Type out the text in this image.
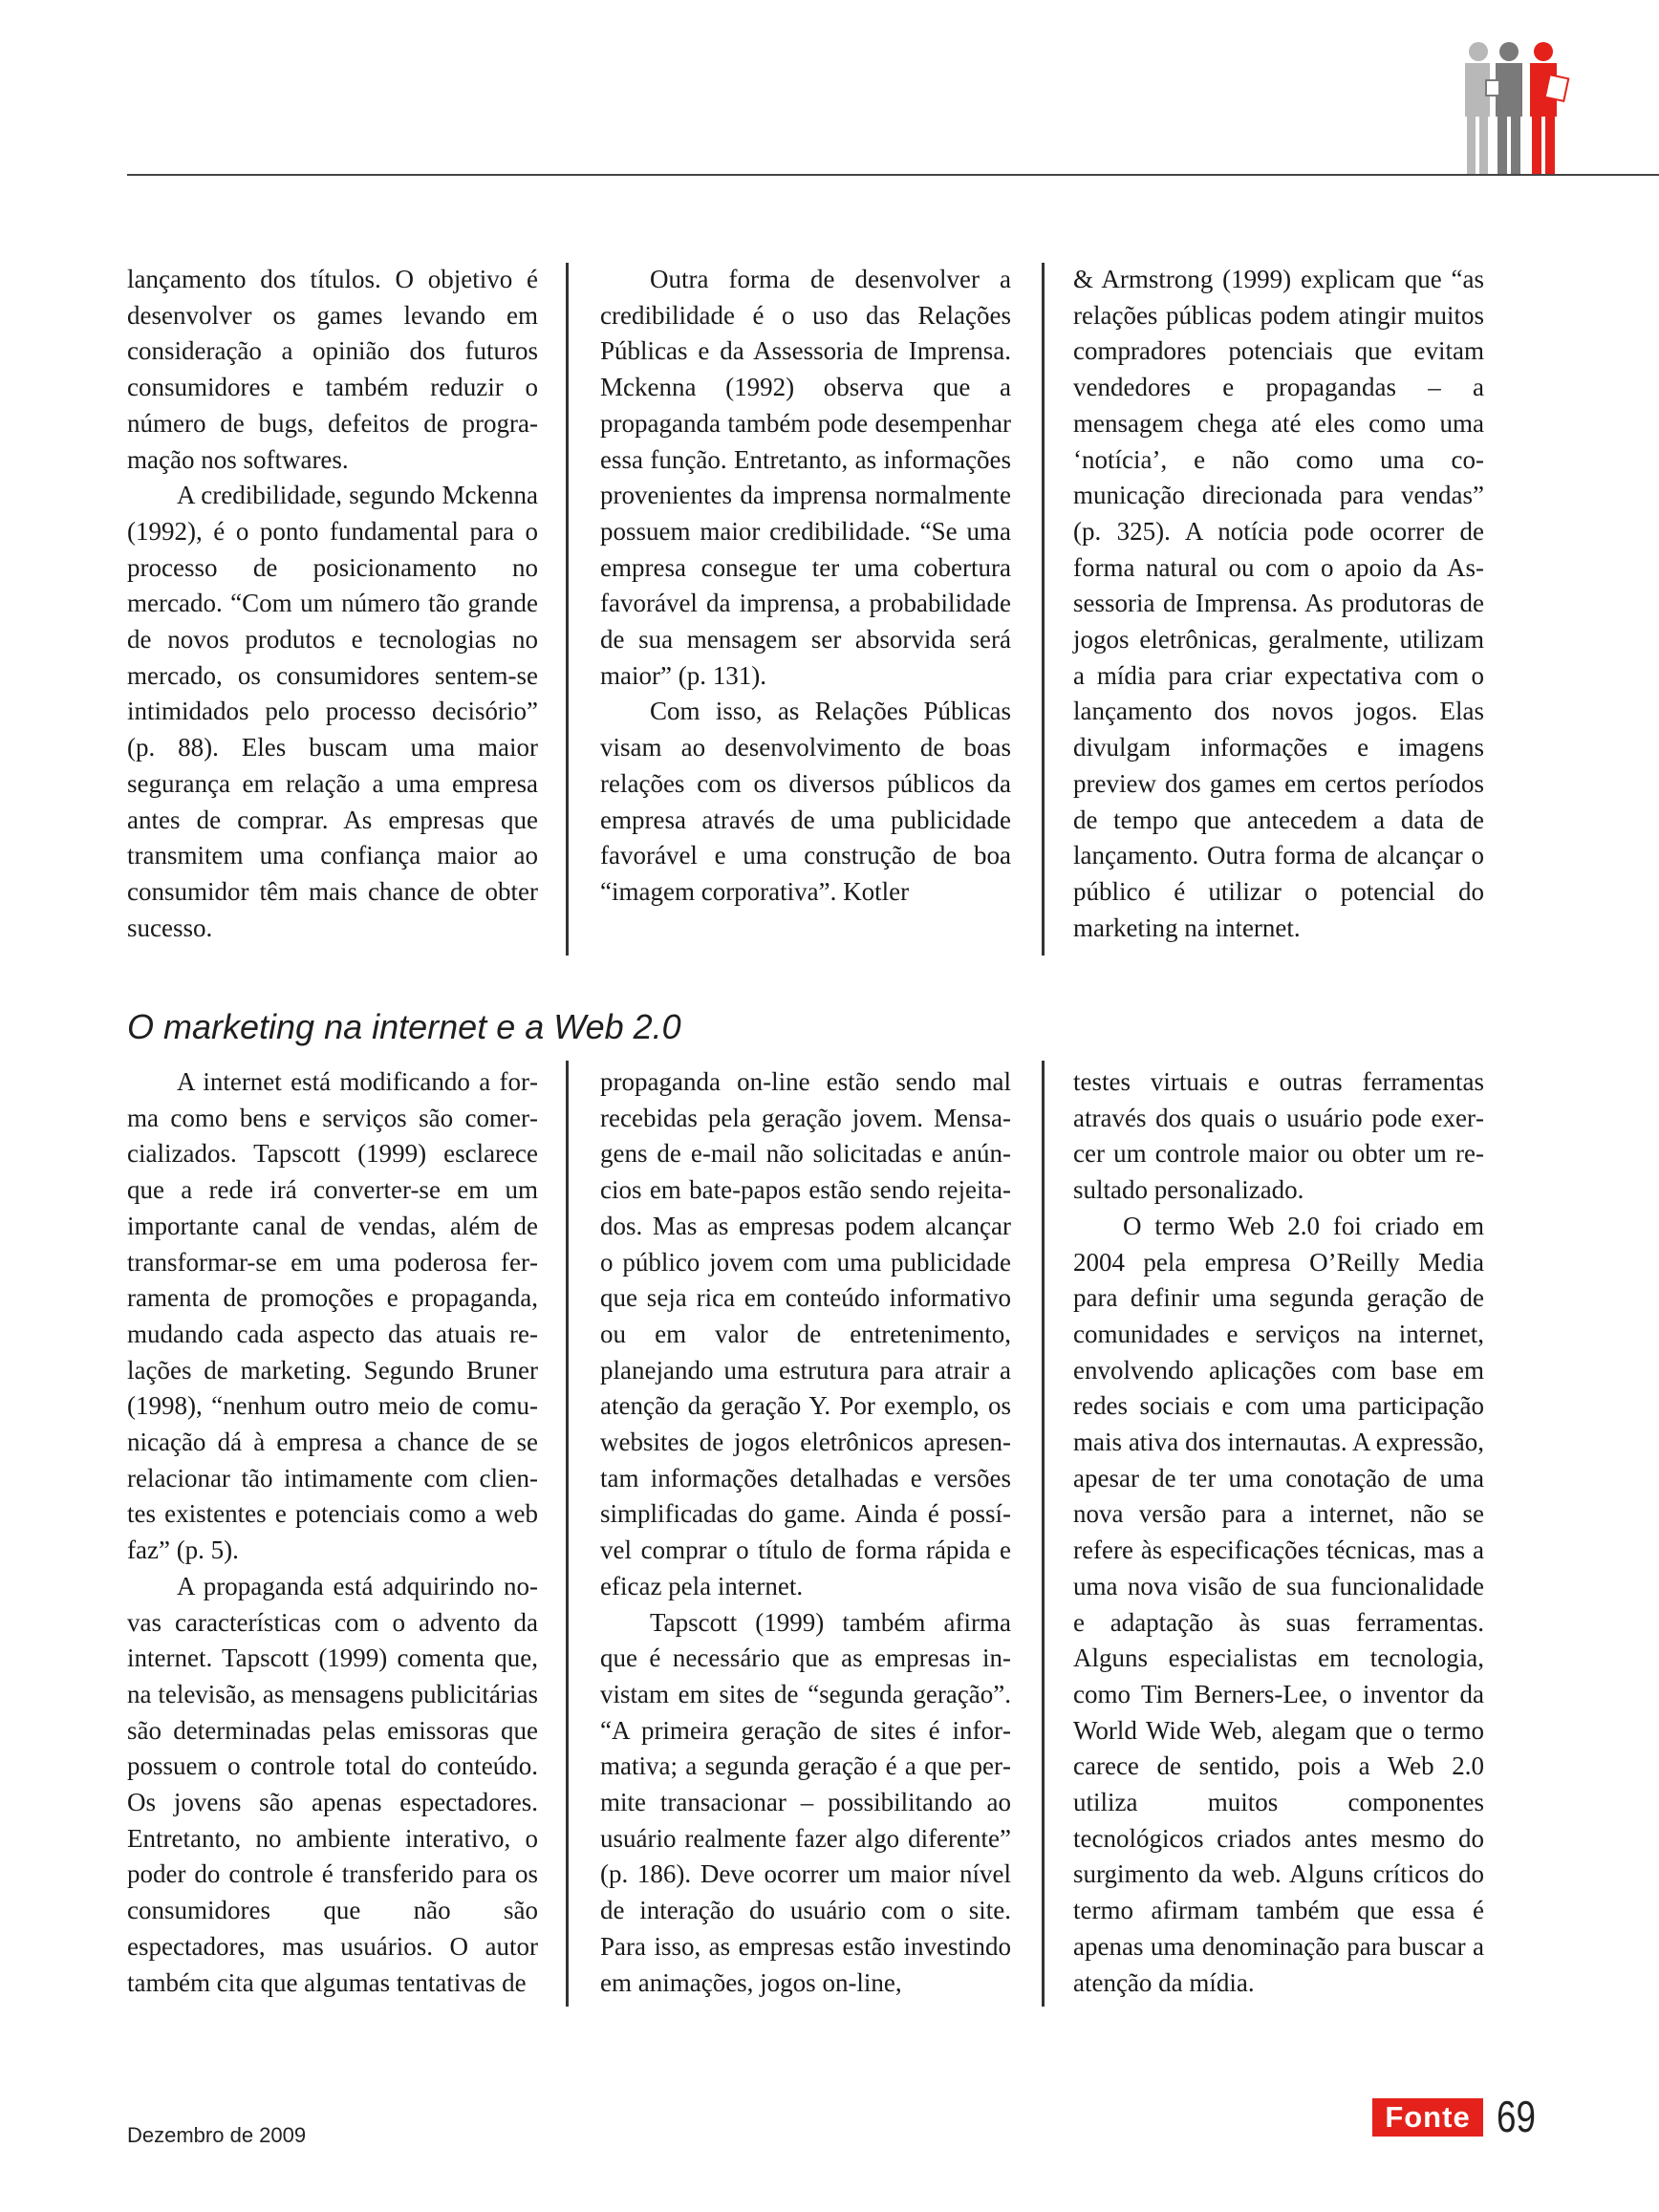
lançamento dos títulos. O objetivo é desenvolver os games levando em consideração a opinião dos futuros consumidores e também reduzir o número de bugs, defeitos de programação nos softwares.

A credibilidade, segundo Mckenna (1992), é o ponto fundamental para o processo de posicionamento no mercado. “Com um número tão grande de novos produtos e tecnologias no mercado, os consumidores sentem-se intimidados pelo processo decisório” (p. 88). Eles buscam uma maior segurança em relação a uma empresa antes de comprar. As empresas que transmitem uma confiança maior ao consumidor têm mais chance de obter sucesso.

Outra forma de desenvolver a credibilidade é o uso das Relações Públicas e da Assessoria de Imprensa. Mckenna (1992) observa que a propaganda também pode desempenhar essa função. Entretanto, as informações provenientes da imprensa normalmente possuem maior credibilidade. “Se uma empresa consegue ter uma cobertura favorável da imprensa, a probabilidade de sua mensagem ser absorvida será maior” (p. 131).

Com isso, as Relações Públicas visam ao desenvolvimento de boas relações com os diversos públicos da empresa através de uma publicidade favorável e uma construção de boa “imagem corporativa”. Kotler

& Armstrong (1999) explicam que “as relações públicas podem atingir muitos compradores potenciais que evitam vendedores e propagandas – a mensagem chega até eles como uma ‘notícia’, e não como uma comunicação direcionada para vendas” (p. 325). A notícia pode ocorrer de forma natural ou com o apoio da Assessoria de Imprensa. As produtoras de jogos eletrônicas, geralmente, utilizam a mídia para criar expectativa com o lançamento dos novos jogos. Elas divulgam informações e imagens preview dos games em certos períodos de tempo que antecedem a data de lançamento. Outra forma de alcançar o público é utilizar o potencial do marketing na internet.

O marketing na internet e a Web 2.0

A internet está modificando a forma como bens e serviços são comercializados. Tapscott (1999) esclarece que a rede irá converter-se em um importante canal de vendas, além de transformar-se em uma poderosa ferramenta de promoções e propaganda, mudando cada aspecto das atuais relações de marketing. Segundo Bruner (1998), “nenhum outro meio de comunicação dá à empresa a chance de se relacionar tão intimamente com clientes existentes e potenciais como a web faz” (p. 5).

A propaganda está adquirindo novas características com o advento da internet. Tapscott (1999) comenta que, na televisão, as mensagens publicitárias são determinadas pelas emissoras que possuem o controle total do conteúdo. Os jovens são apenas espectadores. Entretanto, no ambiente interativo, o poder do controle é transferido para os consumidores que não são espectadores, mas usuários. O autor também cita que algumas tentativas de

propaganda on-line estão sendo mal recebidas pela geração jovem. Mensagens de e-mail não solicitadas e anúncios em bate-papos estão sendo rejeitados. Mas as empresas podem alcançar o público jovem com uma publicidade que seja rica em conteúdo informativo ou em valor de entretenimento, planejando uma estrutura para atrair a atenção da geração Y. Por exemplo, os websites de jogos eletrônicos apresentam informações detalhadas e versões simplificadas do game. Ainda é possível comprar o título de forma rápida e eficaz pela internet.

Tapscott (1999) também afirma que é necessário que as empresas invistam em sites de “segunda geração”. “A primeira geração de sites é informativa; a segunda geração é a que permite transacionar – possibilitando ao usuário realmente fazer algo diferente” (p. 186). Deve ocorrer um maior nível de interação do usuário com o site. Para isso, as empresas estão investindo em animações, jogos on-line,

testes virtuais e outras ferramentas através dos quais o usuário pode exercer um controle maior ou obter um resultado personalizado.

O termo Web 2.0 foi criado em 2004 pela empresa O’Reilly Media para definir uma segunda geração de comunidades e serviços na internet, envolvendo aplicações com base em redes sociais e com uma participação mais ativa dos internautas. A expressão, apesar de ter uma conotação de uma nova versão para a internet, não se refere às especificações técnicas, mas a uma nova visão de sua funcionalidade e adaptação às suas ferramentas. Alguns especialistas em tecnologia, como Tim Berners-Lee, o inventor da World Wide Web, alegam que o termo carece de sentido, pois a Web 2.0 utiliza muitos componentes tecnológicos criados antes mesmo do surgimento da web. Alguns críticos do termo afirmam também que essa é apenas uma denominação para buscar a atenção da mídia.

Dezembro de 2009
Fonte 69
